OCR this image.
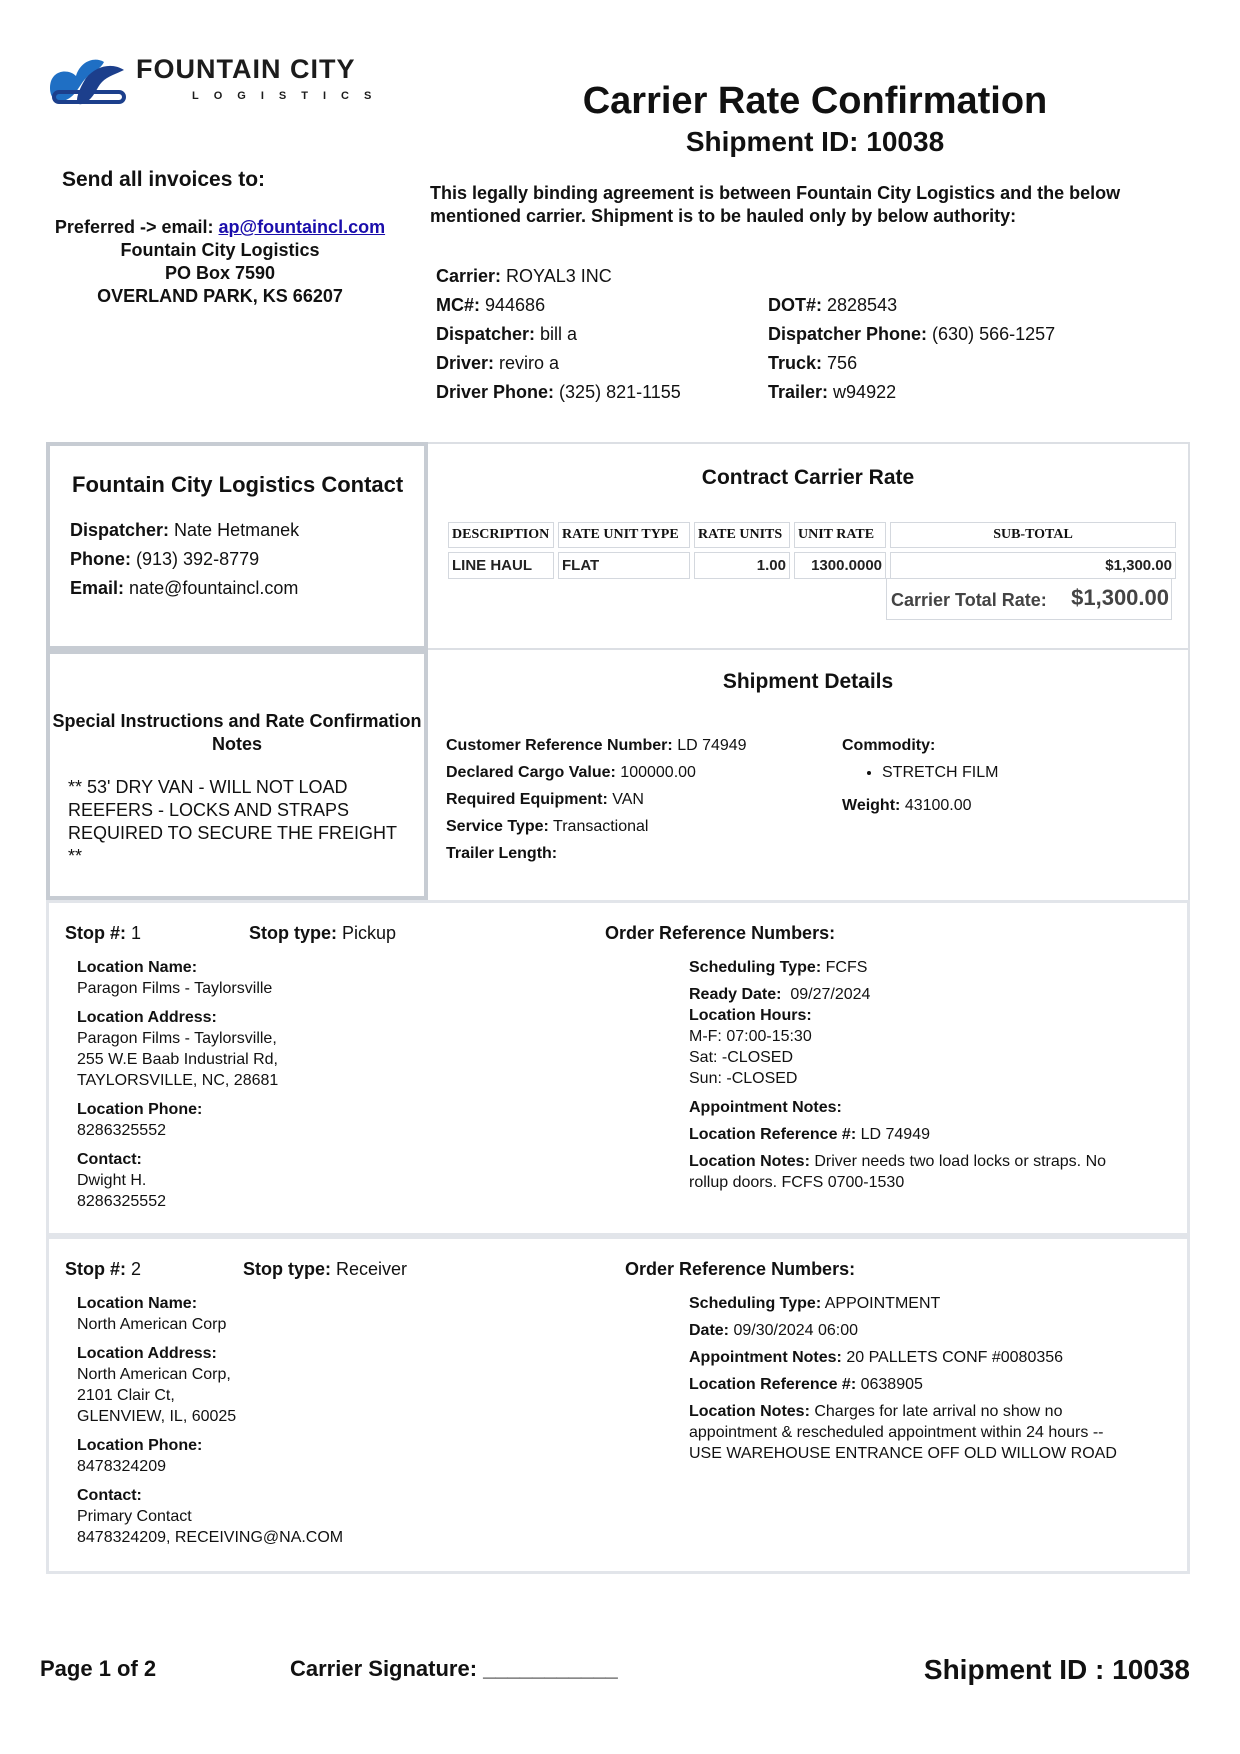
FOUNTAIN CITY
LOGISTICS	Carrier Rate Confirmation
Shipment ID: 10038
Send all invoices to:
Preferred -> email: ap@fountaincl.com
Fountain City Logistics
PO Box 7590
OVERLAND PARK, KS 66207
This legally binding agreement is between Fountain City Logistics and the below mentioned carrier. Shipment is to be hauled only by below authority:
Carrier: ROYAL3 INC
MC#: 944686
Dispatcher: bill a
Driver: reviro a
Driver Phone: (325) 821-1155
DOT#: 2828543
Dispatcher Phone: (630) 566-1257
Truck: 756
Trailer: w94922
Fountain City Logistics Contact
Dispatcher: Nate Hetmanek
Phone: (913) 392-8779
Email: nate@fountaincl.com
Contract Carrier Rate
DESCRIPTION	RATE UNIT TYPE	RATE UNITS	UNIT RATE	SUB-TOTAL
LINE HAUL	FLAT	1.00	1300.0000	$1,300.00
Carrier Total Rate: $1,300.00
Special Instructions and Rate Confirmation Notes
** 53' DRY VAN - WILL NOT LOAD REEFERS - LOCKS AND STRAPS REQUIRED TO SECURE THE FREIGHT **
Shipment Details
Customer Reference Number: LD 74949
Declared Cargo Value: 100000.00
Required Equipment: VAN
Service Type: Transactional
Trailer Length:
Commodity:
• STRETCH FILM
Weight: 43100.00
Stop #: 1	Stop type: Pickup	Order Reference Numbers:
Location Name:
Paragon Films - Taylorsville
Location Address:
Paragon Films - Taylorsville,
255 W.E Baab Industrial Rd,
TAYLORSVILLE, NC, 28681
Location Phone:
8286325552
Contact:
Dwight H.
8286325552
Scheduling Type: FCFS
Ready Date: 09/27/2024
Location Hours:
M-F: 07:00-15:30
Sat: -CLOSED
Sun: -CLOSED
Appointment Notes:
Location Reference #: LD 74949
Location Notes: Driver needs two load locks or straps. No
rollup doors. FCFS 0700-1530
Stop #: 2	Stop type: Receiver	Order Reference Numbers:
Location Name:
North American Corp
Location Address:
North American Corp,
2101 Clair Ct,
GLENVIEW, IL, 60025
Location Phone:
8478324209
Contact:
Primary Contact
8478324209, RECEIVING@NA.COM
Scheduling Type: APPOINTMENT
Date: 09/30/2024 06:00
Appointment Notes: 20 PALLETS CONF #0080356
Location Reference #: 0638905
Location Notes: Charges for late arrival no show no
appointment & rescheduled appointment within 24 hours --
USE WAREHOUSE ENTRANCE OFF OLD WILLOW ROAD
Page 1 of 2	Carrier Signature: ___________	Shipment ID : 10038
